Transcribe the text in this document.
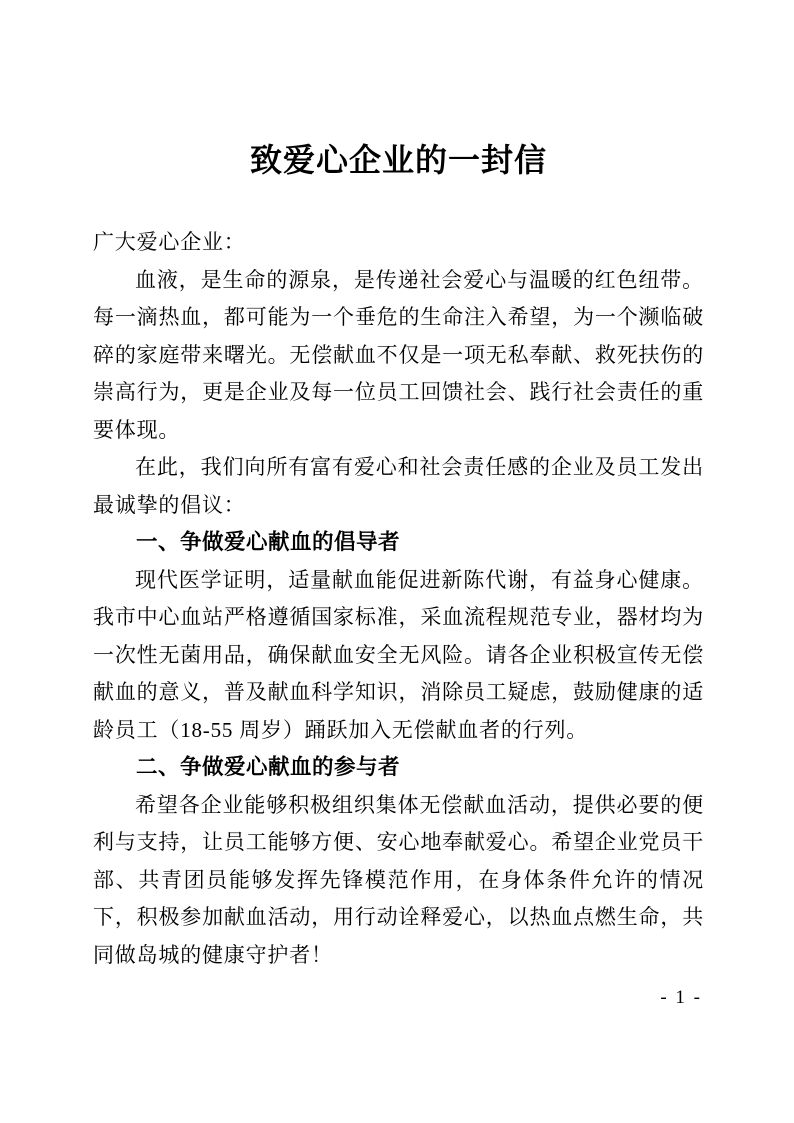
致爱心企业的一封信

广大爱心企业：

血液，是生命的源泉，是传递社会爱心与温暖的红色纽带。每一滴热血，都可能为一个垂危的生命注入希望，为一个濒临破碎的家庭带来曙光。无偿献血不仅是一项无私奉献、救死扶伤的崇高行为，更是企业及每一位员工回馈社会、践行社会责任的重要体现。

在此，我们向所有富有爱心和社会责任感的企业及员工发出最诚挚的倡议：

一、争做爱心献血的倡导者

现代医学证明，适量献血能促进新陈代谢，有益身心健康。我市中心血站严格遵循国家标准，采血流程规范专业，器材均为一次性无菌用品，确保献血安全无风险。请各企业积极宣传无偿献血的意义，普及献血科学知识，消除员工疑虑，鼓励健康的适龄员工（18-55 周岁）踊跃加入无偿献血者的行列。

二、争做爱心献血的参与者

希望各企业能够积极组织集体无偿献血活动，提供必要的便利与支持，让员工能够方便、安心地奉献爱心。希望企业党员干部、共青团员能够发挥先锋模范作用，在身体条件允许的情况下，积极参加献血活动，用行动诠释爱心，以热血点燃生命，共同做岛城的健康守护者！

- 1 -
